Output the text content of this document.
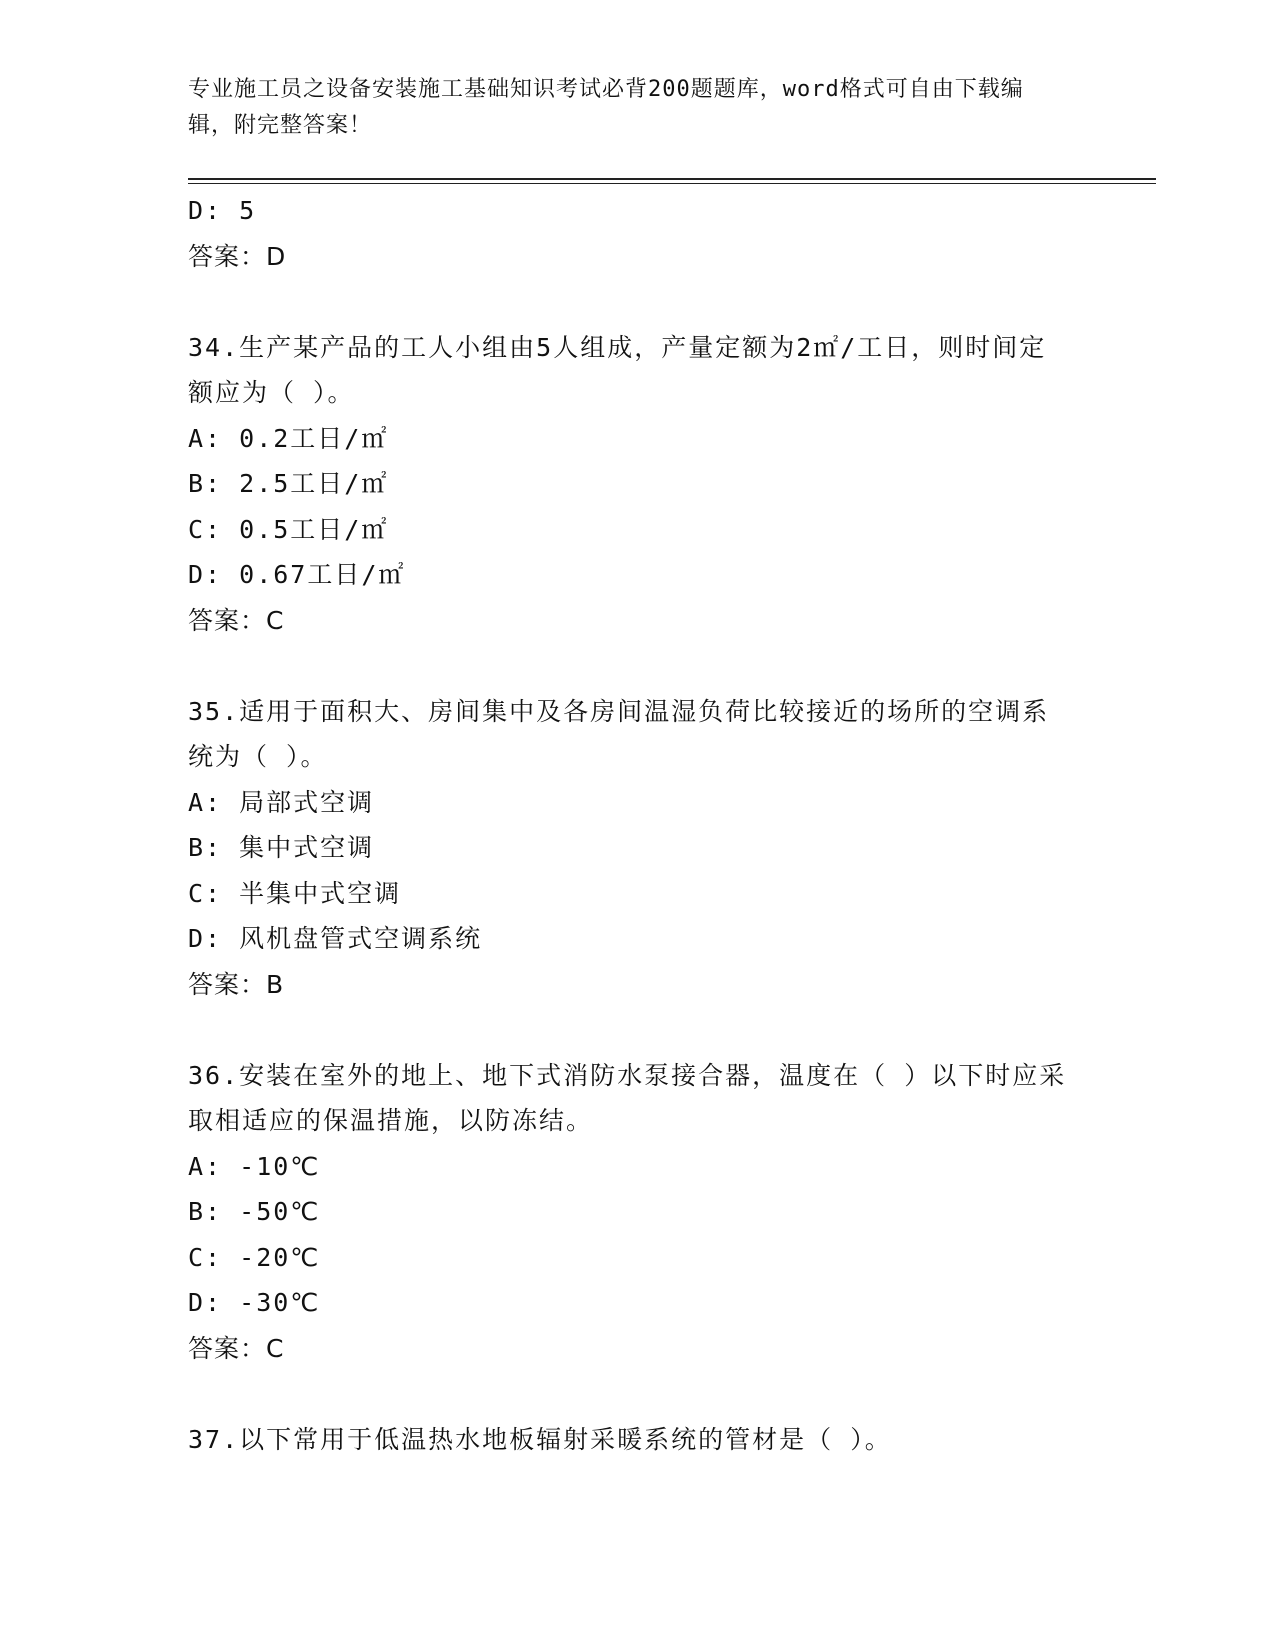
专业施工员之设备安装施工基础知识考试必背200题题库，word格式可自由下载编辑，附完整答案！
D: 5
答案：D
34.生产某产品的工人小组由5人组成，产量定额为2㎡/工日，则时间定额应为（ ）。
A: 0.2工日/㎡
B: 2.5工日/㎡
C: 0.5工日/㎡
D: 0.67工日/㎡
答案：C
35.适用于面积大、房间集中及各房间温湿负荷比较接近的场所的空调系统为（ ）。
A: 局部式空调
B: 集中式空调
C: 半集中式空调
D: 风机盘管式空调系统
答案：B
36.安装在室外的地上、地下式消防水泵接合器，温度在（ ）以下时应采取相适应的保温措施，以防冻结。
A: -10℃
B: -50℃
C: -20℃
D: -30℃
答案：C
37.以下常用于低温热水地板辐射采暖系统的管材是（ ）。
